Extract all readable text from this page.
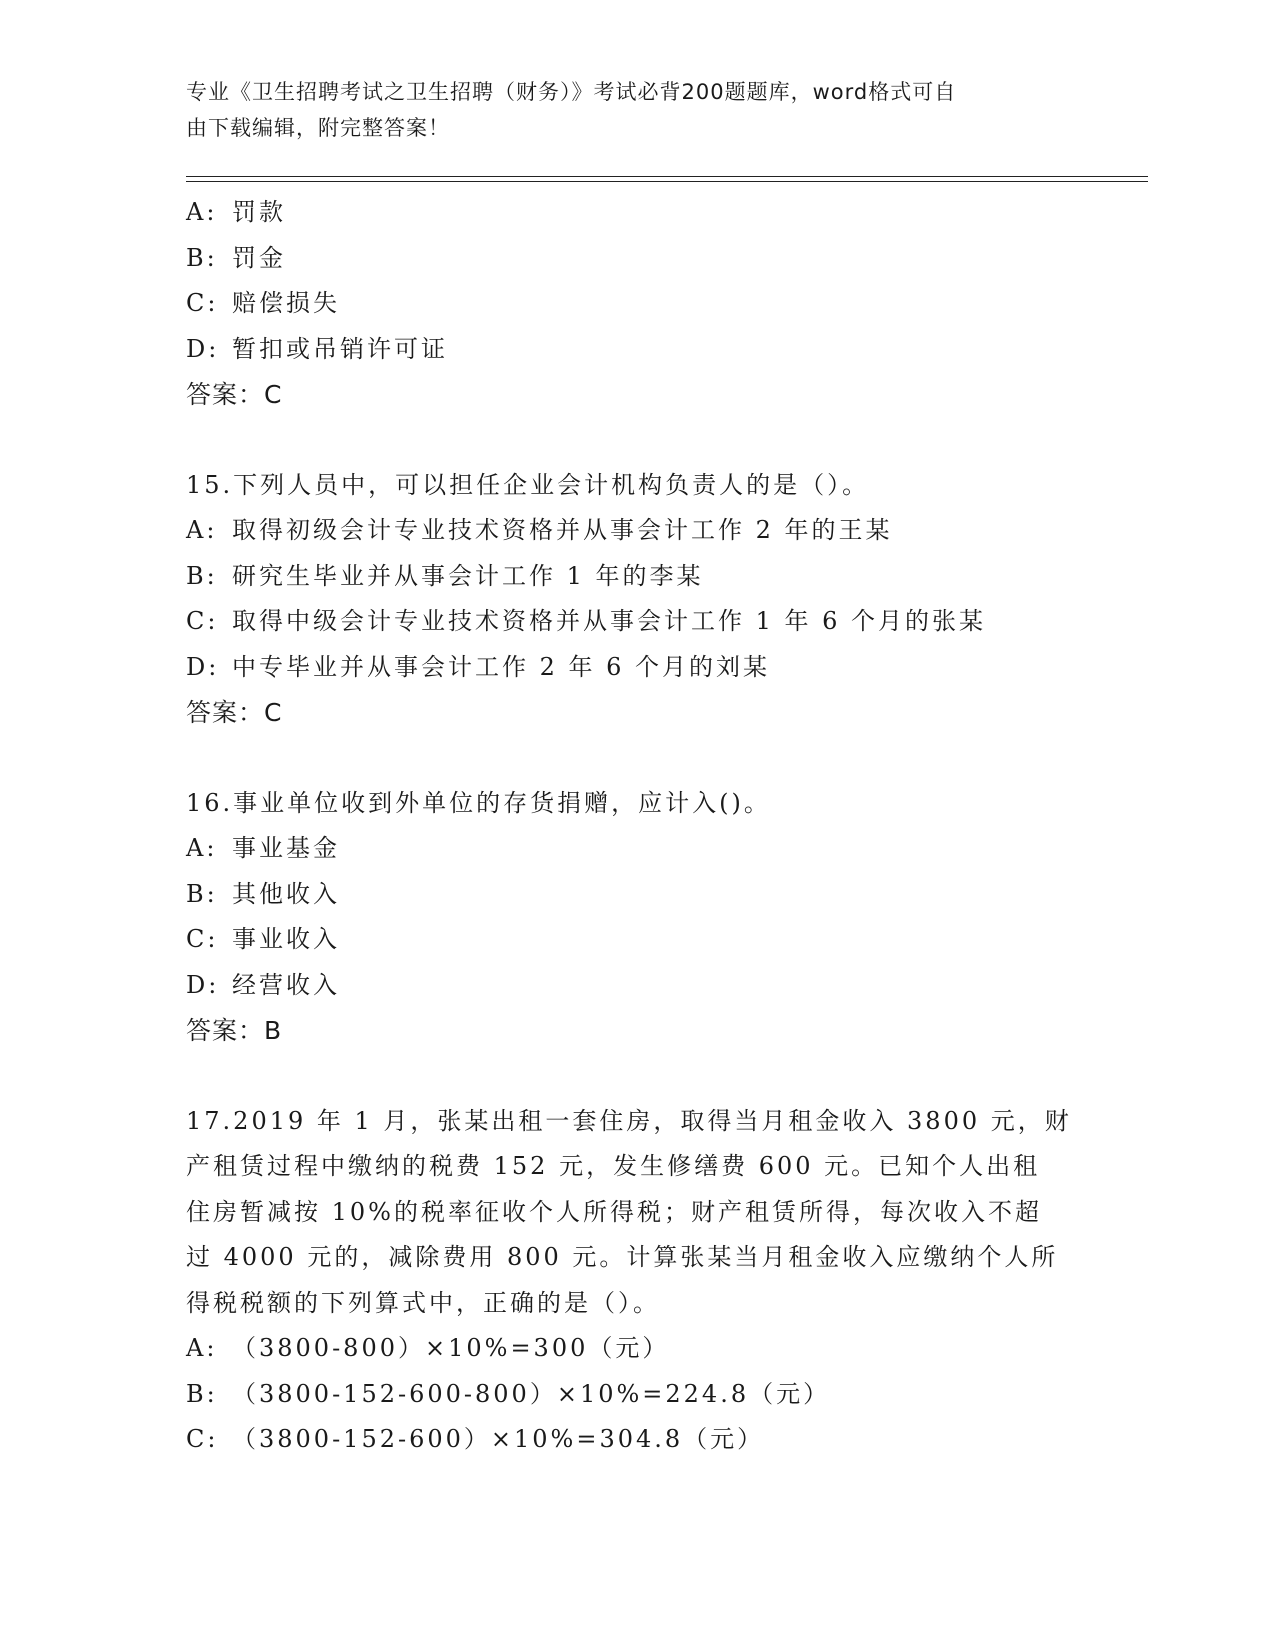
专业《卫生招聘考试之卫生招聘（财务）》考试必背200题题库，word格式可自
由下载编辑，附完整答案！
A: 罚款
B: 罚金
C: 赔偿损失
D: 暂扣或吊销许可证
答案：C
15.下列人员中，可以担任企业会计机构负责人的是（）。
A: 取得初级会计专业技术资格并从事会计工作 2 年的王某
B: 研究生毕业并从事会计工作 1 年的李某
C: 取得中级会计专业技术资格并从事会计工作 1 年 6 个月的张某
D: 中专毕业并从事会计工作 2 年 6 个月的刘某
答案：C
16.事业单位收到外单位的存货捐赠，应计入()。
A: 事业基金
B: 其他收入
C: 事业收入
D: 经营收入
答案：B
17.2019 年 1 月，张某出租一套住房，取得当月租金收入 3800 元，财
产租赁过程中缴纳的税费 152 元，发生修缮费 600 元。已知个人出租
住房暂减按 10%的税率征收个人所得税；财产租赁所得，每次收入不超
过 4000 元的，减除费用 800 元。计算张某当月租金收入应缴纳个人所
得税税额的下列算式中，正确的是（）。
A: （3800-800）×10%=300（元）
B: （3800-152-600-800）×10%=224.8（元）
C: （3800-152-600）×10%=304.8（元）
